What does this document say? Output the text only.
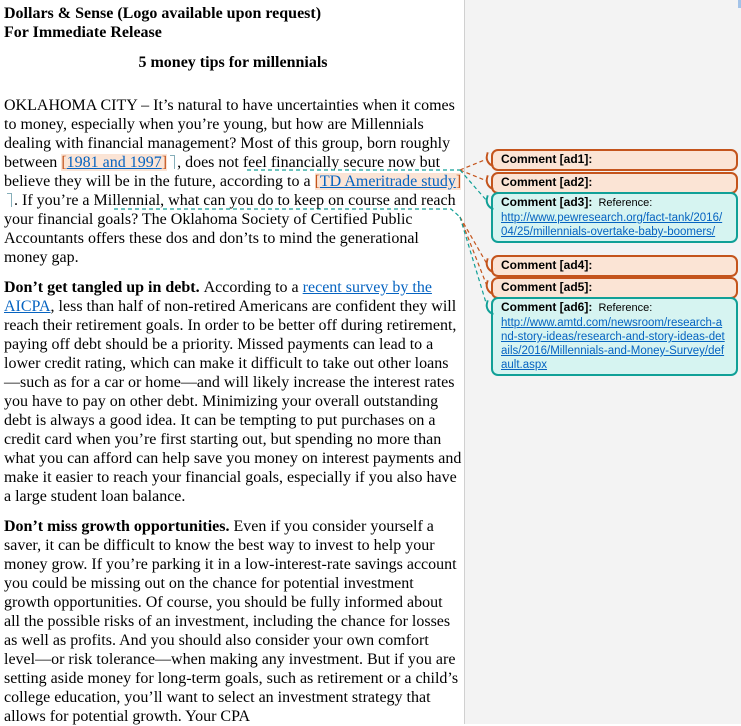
Dollars & Sense (Logo available upon request)

For Immediate Release

5 money tips for millennials

OKLAHOMA CITY – It’s natural to have uncertainties when it comes to money, especially when you’re young, but how are Millennials dealing with financial management? Most of this group, born roughly between [1981 and 1997] , does not feel financially secure now but believe they will be in the future, according to a [TD Ameritrade study]. If you’re a Millennial, what can you do to keep on course and reach your financial goals? The Oklahoma Society of Certified Public Accountants offers these dos and don’ts to mind the generational money gap.

Don’t get tangled up in debt. According to a recent survey by the AICPA, less than half of non-retired Americans are confident they will reach their retirement goals. In order to be better off during retirement, paying off debt should be a priority. Missed payments can lead to a lower credit rating, which can make it difficult to take out other loans—such as for a car or home—and will likely increase the interest rates you have to pay on other debt. Minimizing your overall outstanding debt is always a good idea. It can be tempting to put purchases on a credit card when you’re first starting out, but spending no more than what you can afford can help save you money on interest payments and make it easier to reach your financial goals, especially if you also have a large student loan balance.

Don’t miss growth opportunities. Even if you consider yourself a saver, it can be difficult to know the best way to invest to help your money grow. If you’re parking it in a low-interest-rate savings account you could be missing out on the chance for potential investment growth opportunities. Of course, you should be fully informed about all the possible risks of an investment, including the chance for losses as well as profits. And you should also consider your own comfort level—or risk tolerance—when making any investment. But if you are setting aside money for long-term goals, such as retirement or a child’s college education, you’ll want to select an investment strategy that allows for potential growth. Your CPA

Comment [ad1]:
Comment [ad2]:
Comment [ad3]:  Reference:
http://www.pewresearch.org/fact-tank/2016/04/25/millennials-overtake-baby-boomers/
Comment [ad4]:
Comment [ad5]:
Comment [ad6]:  Reference:
http://www.amtd.com/newsroom/research-and-story-ideas/research-and-story-ideas-details/2016/Millennials-and-Money-Survey/default.aspx
